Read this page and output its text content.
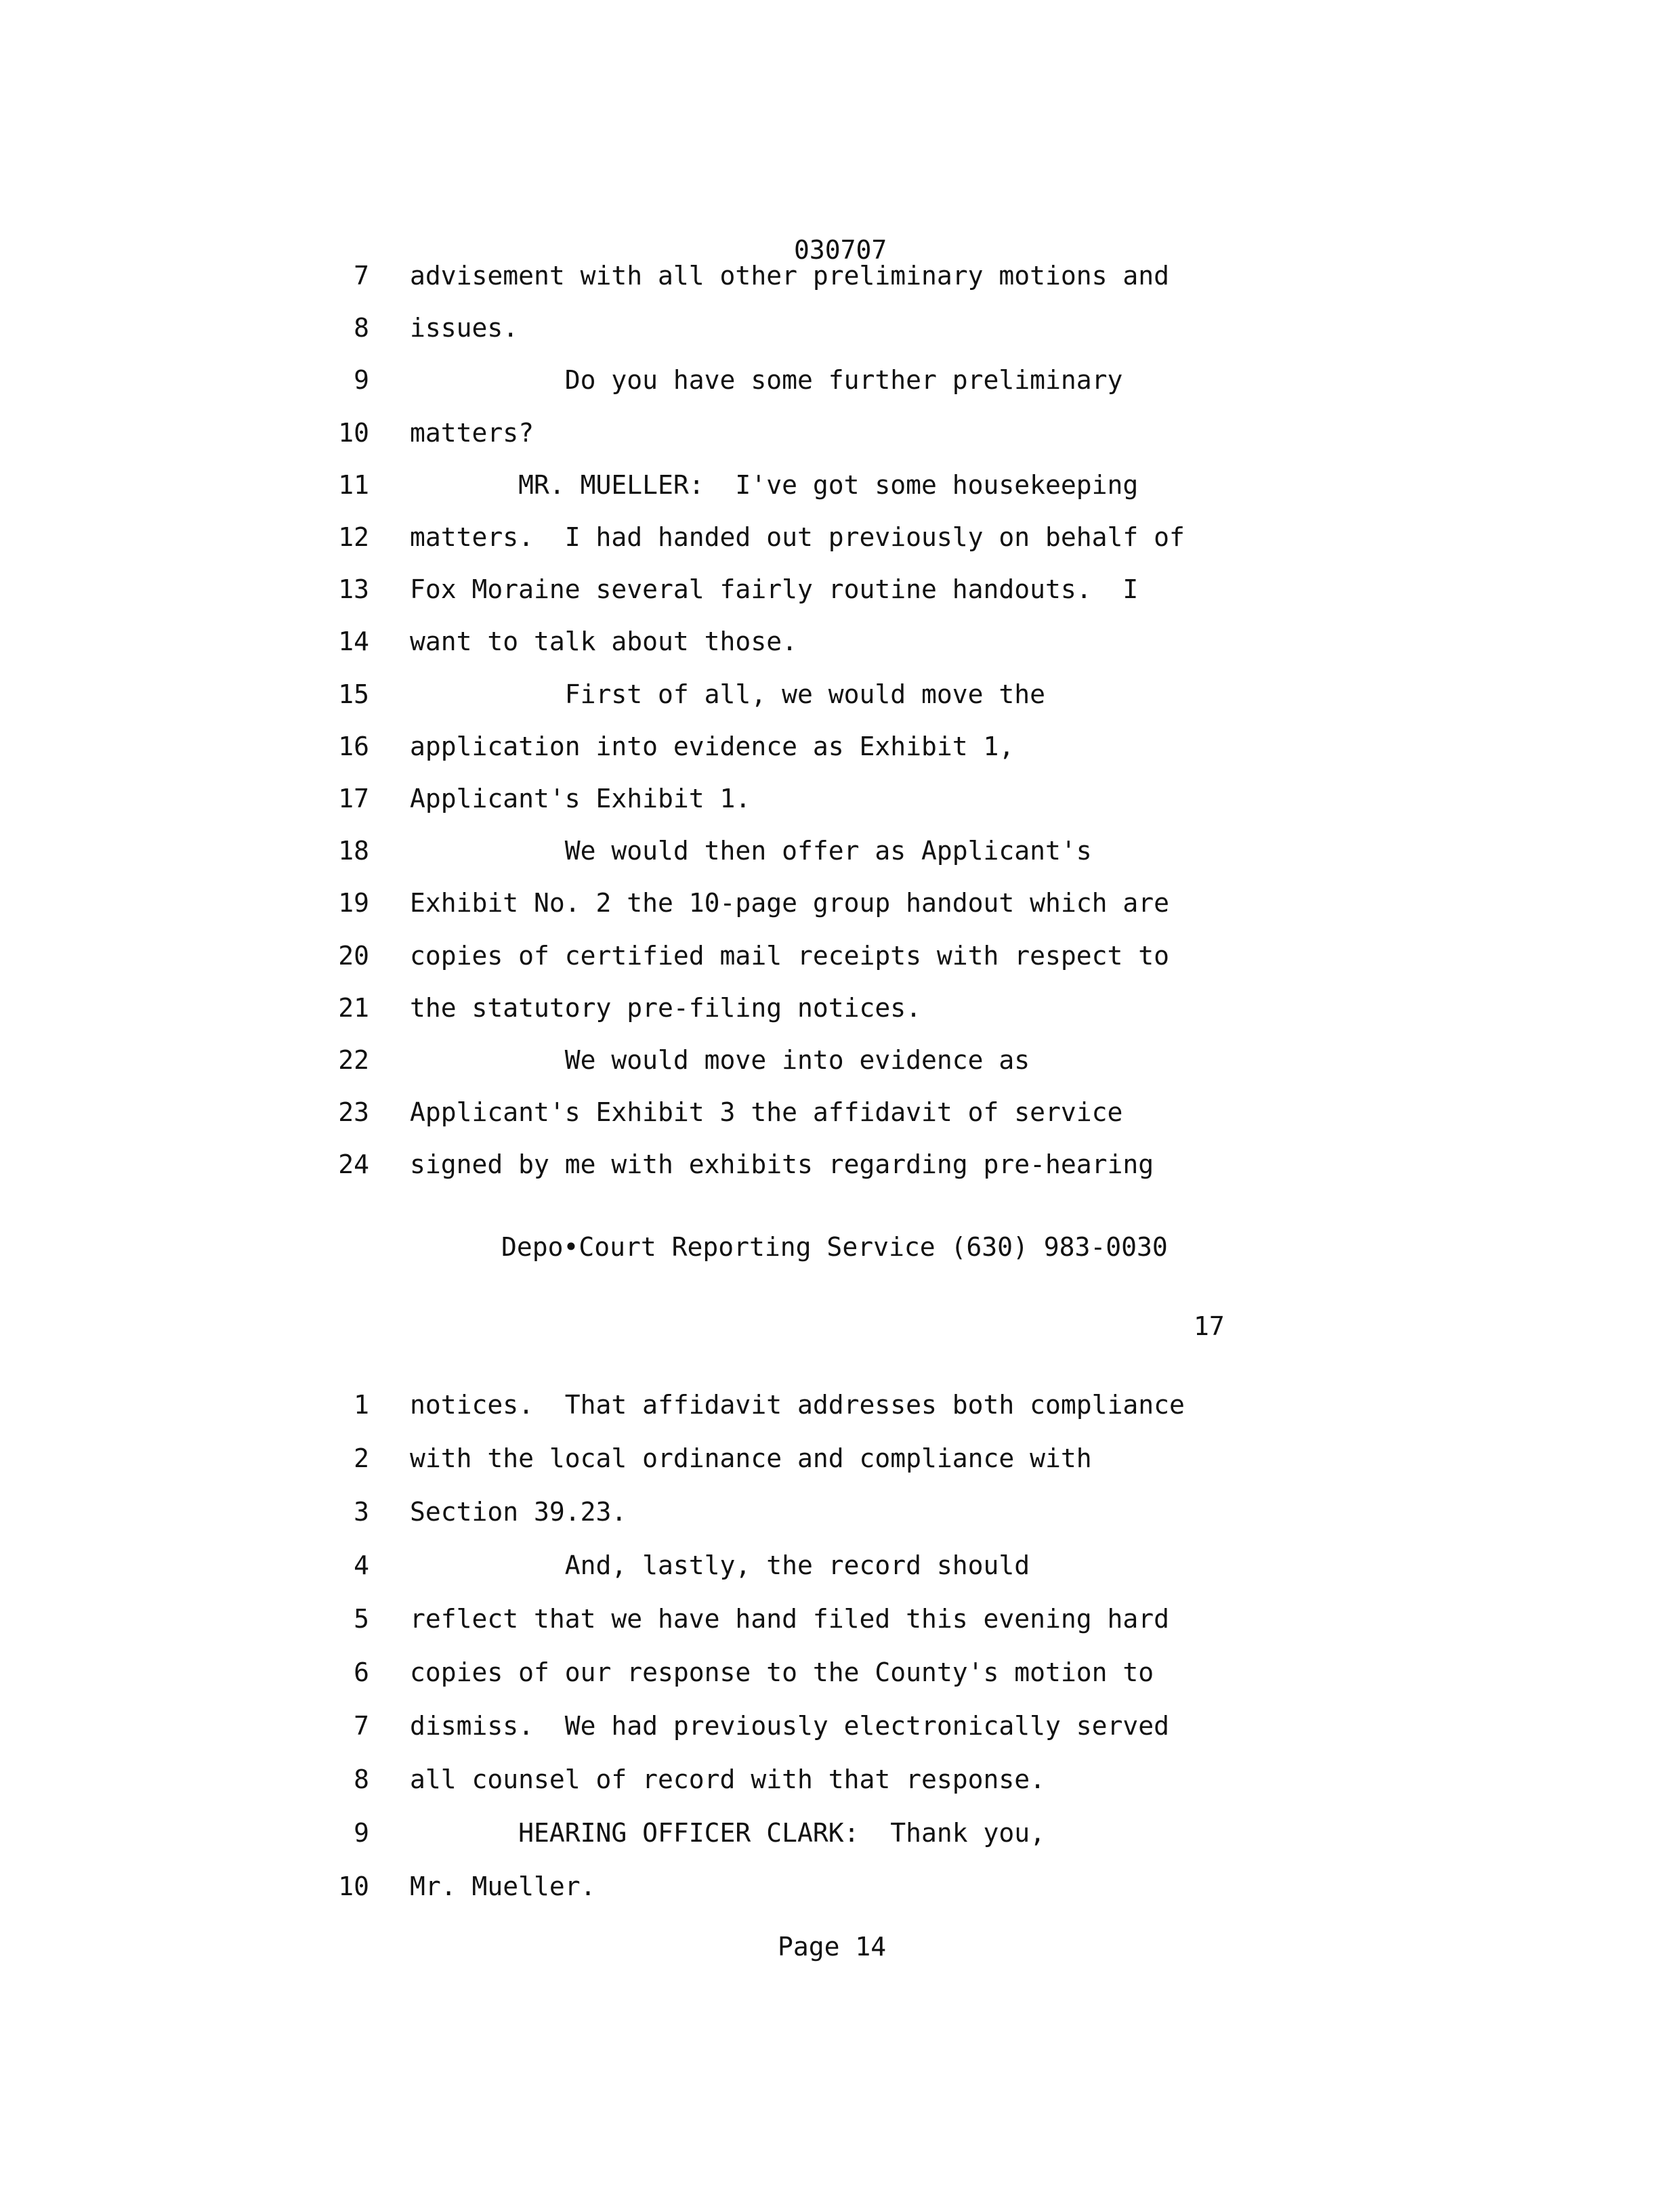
030707
7 advisement with all other preliminary motions and
8 issues.
9 Do you have some further preliminary
10 matters?
11 MR. MUELLER:  I've got some housekeeping
12 matters.  I had handed out previously on behalf of
13 Fox Moraine several fairly routine handouts.  I
14 want to talk about those.
15 First of all, we would move the
16 application into evidence as Exhibit 1,
17 Applicant's Exhibit 1.
18 We would then offer as Applicant's
19 Exhibit No. 2 the 10-page group handout which are
20 copies of certified mail receipts with respect to
21 the statutory pre-filing notices.
22 We would move into evidence as
23 Applicant's Exhibit 3 the affidavit of service
24 signed by me with exhibits regarding pre-hearing
Depo•Court Reporting Service (630) 983-0030
17
1 notices.  That affidavit addresses both compliance
2 with the local ordinance and compliance with
3 Section 39.23.
4 And, lastly, the record should
5 reflect that we have hand filed this evening hard
6 copies of our response to the County's motion to
7 dismiss.  We had previously electronically served
8 all counsel of record with that response.
9 HEARING OFFICER CLARK:  Thank you,
10 Mr. Mueller.
Page 14
